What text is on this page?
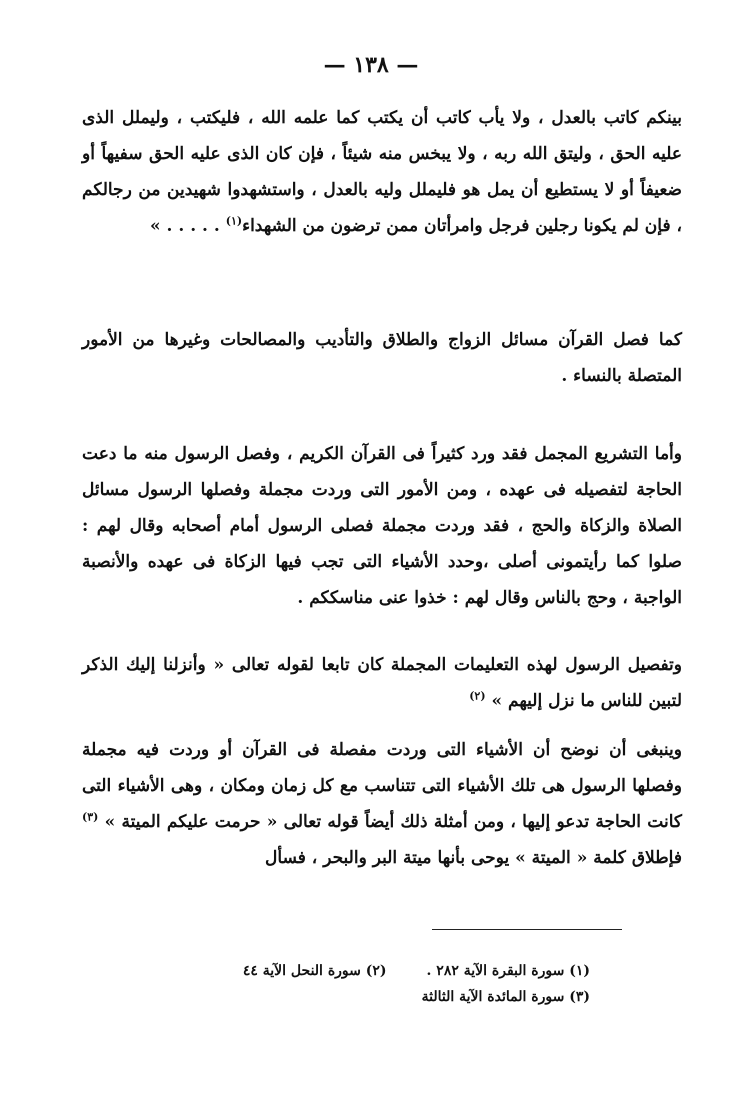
— ١٣٨ —

بينكم كاتب بالعدل ، ولا يأب كاتب أن يكتب كما علمه الله ، فليكتب ، وليملل الذى عليه الحق ، وليتق الله ربه ، ولا يبخس منه شيئاً ، فإن كان الذى عليه الحق سفيهاً أو ضعيفاً أو لا يستطيع أن يمل هو فليملل وليه بالعدل ، واستشهدوا شهيدين من رجالكم ، فإن لم يكونا رجلين فرجل وامرأتان ممن ترضون من الشهداء$^{(١)}$ . . . . . »

كما فصل القرآن مسائل الزواج والطلاق والتأديب والمصالحات وغيرها من الأمور المتصلة بالنساء .

وأما التشريع المجمل فقد ورد كثيراً فى القرآن الكريم ، وفصل الرسول منه ما دعت الحاجة لتفصيله فى عهده ، ومن الأمور التى وردت مجملة وفصلها الرسول مسائل الصلاة والزكاة والحج ، فقد وردت مجملة فصلى الرسول أمام أصحابه وقال لهم : صلوا كما رأيتمونى أصلى ،وحدد الأشياء التى تجب فيها الزكاة فى عهده والأنصبة الواجبة ، وحج بالناس وقال لهم : خذوا عنى مناسككم .

وتفصيل الرسول لهذه التعليمات المجملة كان تابعا لقوله تعالى « وأنزلنا إليك الذكر لتبين للناس ما نزل إليهم » $^{(٢)}$

وينبغى أن نوضح أن الأشياء التى وردت مفصلة فى القرآن أو وردت فيه مجملة وفصلها الرسول هى تلك الأشياء التى تتناسب مع كل زمان ومكان ، وهى الأشياء التى كانت الحاجة تدعو إليها ، ومن أمثلة ذلك أيضاً قوله تعالى « حرمت عليكم الميتة » $^{(٣)}$ فإطلاق كلمة « الميتة » يوحى بأنها ميتة البر والبحر ، فسأل

(١) سورة البقرة الآية ٢٨٢ .
(٢) سورة النحل الآية ٤٤
(٣) سورة المائدة الآية الثالثة
